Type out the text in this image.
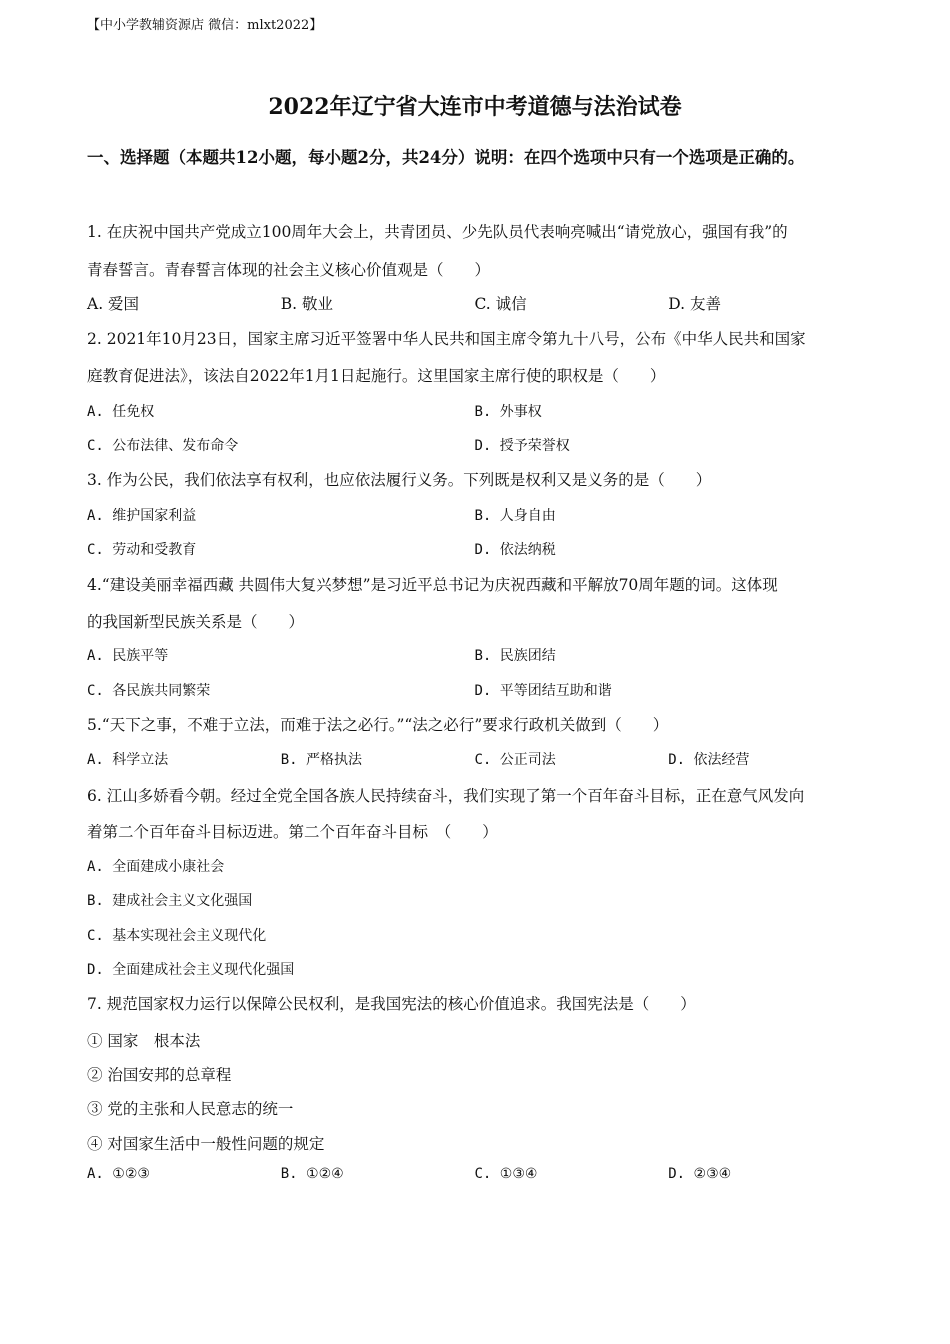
【中小学教辅资源店 微信：mlxt2022】
2022年辽宁省大连市中考道德与法治试卷
一、选择题（本题共12小题，每小题2分，共24分）说明：在四个选项中只有一个选项是正确的。
1. 在庆祝中国共产党成立100周年大会上，共青团员、少先队员代表响亮喊出“请党放心，强国有我”的
青春誓言。青春誓言体现的社会主义核心价值观是（　　）
A. 爱国	B. 敬业	C. 诚信	D. 友善
2. 2021年10月23日，国家主席习近平签署中华人民共和国主席令第九十八号，公布《中华人民共和国家
庭教育促进法》，该法自2022年1月1日起施行。这里国家主席行使的职权是（　　）
A. 任免权	B. 外事权
C. 公布法律、发布命令	D. 授予荣誉权
3. 作为公民，我们依法享有权利，也应依法履行义务。下列既是权利又是义务的是（　　）
A. 维护国家利益	B. 人身自由
C. 劳动和受教育	D. 依法纳税
4.“建设美丽幸福西藏 共圆伟大复兴梦想”是习近平总书记为庆祝西藏和平解放70周年题的词。这体现
的我国新型民族关系是（　　）
A. 民族平等	B. 民族团结
C. 各民族共同繁荣	D. 平等团结互助和谐
5.“天下之事，不难于立法，而难于法之必行。”“法之必行”要求行政机关做到（　　）
A. 科学立法	B. 严格执法	C. 公正司法	D. 依法经营
6. 江山多娇看今朝。经过全党全国各族人民持续奋斗，我们实现了第一个百年奋斗目标，正在意气风发向
着第二个百年奋斗目标迈进。第二个百年奋斗目标　（　　）
A. 全面建成小康社会
B. 建成社会主义文化强国
C. 基本实现社会主义现代化
D. 全面建成社会主义现代化强国
7. 规范国家权力运行以保障公民权利，是我国宪法的核心价值追求。我国宪法是（　　）
① 国家　根本法
② 治国安邦的总章程
③ 党的主张和人民意志的统一
④ 对国家生活中一般性问题的规定
A. ①②③	B. ①②④	C. ①③④	D. ②③④
